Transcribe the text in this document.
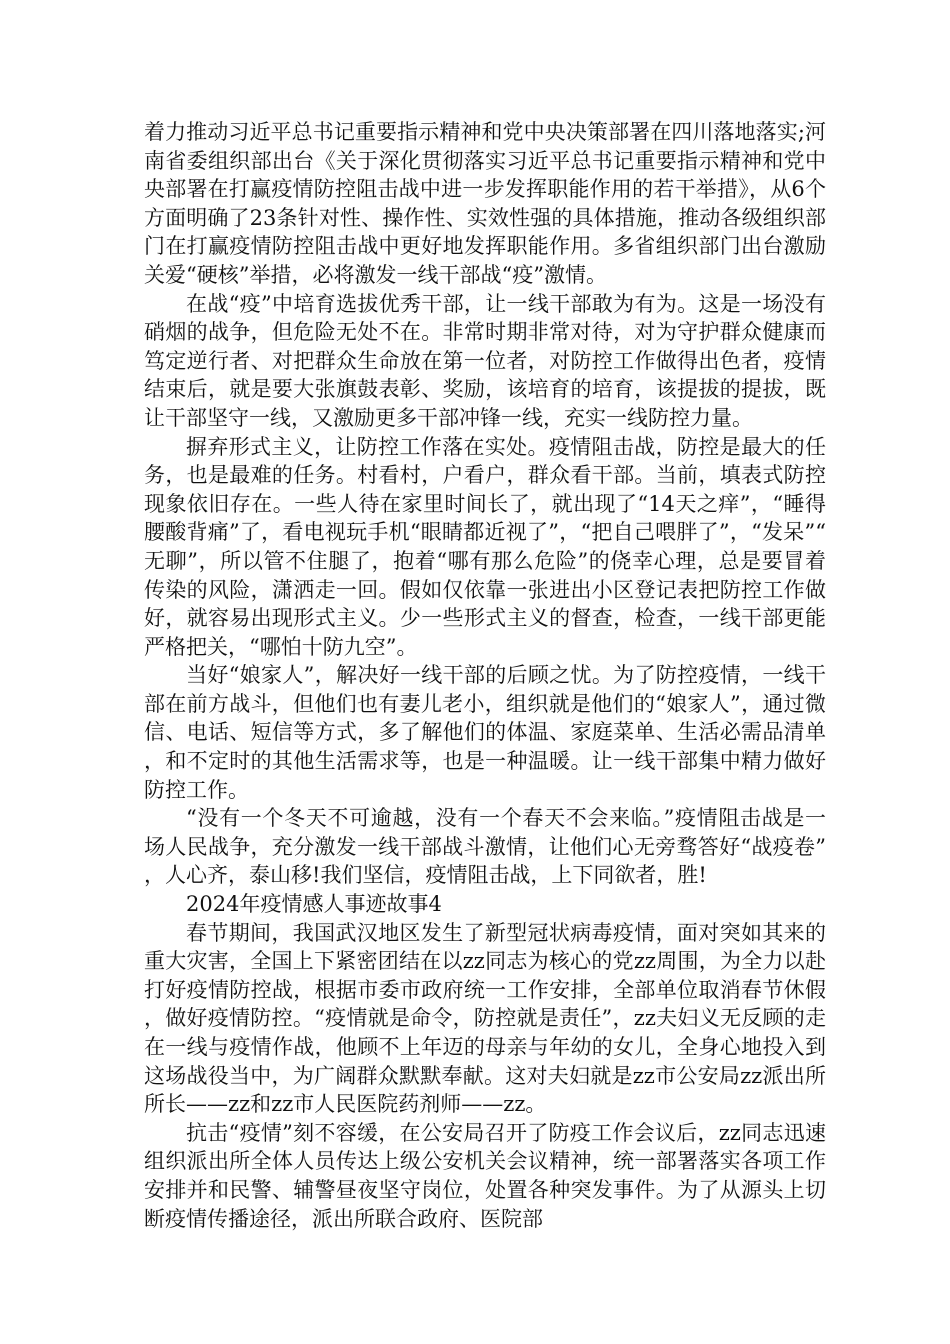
着力推动习近平总书记重要指示精神和党中央决策部署在四川落地落实;河南省委组织部出台《关于深化贯彻落实习近平总书记重要指示精神和党中央部署在打赢疫情防控阻击战中进一步发挥职能作用的若干举措》，从6个方面明确了23条针对性、操作性、实效性强的具体措施，推动各级组织部门在打赢疫情防控阻击战中更好地发挥职能作用。多省组织部门出台激励关爱“硬核”举措，必将激发一线干部战“疫”激情。

在战“疫”中培育选拔优秀干部，让一线干部敢为有为。这是一场没有硝烟的战争，但危险无处不在。非常时期非常对待，对为守护群众健康而笃定逆行者、对把群众生命放在第一位者，对防控工作做得出色者，疫情结束后，就是要大张旗鼓表彰、奖励，该培育的培育，该提拔的提拔，既让干部坚守一线，又激励更多干部冲锋一线，充实一线防控力量。

摒弃形式主义，让防控工作落在实处。疫情阻击战，防控是最大的任务，也是最难的任务。村看村，户看户，群众看干部。当前，填表式防控现象依旧存在。一些人待在家里时间长了，就出现了“14天之痒”，“睡得腰酸背痛”了，看电视玩手机“眼睛都近视了”，“把自己喂胖了”，“发呆”“无聊”，所以管不住腿了，抱着“哪有那么危险”的侥幸心理，总是要冒着传染的风险，潇洒走一回。假如仅依靠一张进出小区登记表把防控工作做好，就容易出现形式主义。少一些形式主义的督查，检查，一线干部更能严格把关，“哪怕十防九空”。

当好“娘家人”，解决好一线干部的后顾之忧。为了防控疫情，一线干部在前方战斗，但他们也有妻儿老小，组织就是他们的“娘家人”，通过微信、电话、短信等方式，多了解他们的体温、家庭菜单、生活必需品清单，和不定时的其他生活需求等，也是一种温暖。让一线干部集中精力做好防控工作。

“没有一个冬天不可逾越，没有一个春天不会来临。”疫情阻击战是一场人民战争，充分激发一线干部战斗激情，让他们心无旁骛答好“战疫卷”，人心齐，泰山移!我们坚信，疫情阻击战，上下同欲者，胜!

2024年疫情感人事迹故事4

春节期间，我国武汉地区发生了新型冠状病毒疫情，面对突如其来的重大灾害，全国上下紧密团结在以zz同志为核心的党zz周围，为全力以赴打好疫情防控战，根据市委市政府统一工作安排，全部单位取消春节休假，做好疫情防控。“疫情就是命令，防控就是责任”，zz夫妇义无反顾的走在一线与疫情作战，他顾不上年迈的母亲与年幼的女儿，全身心地投入到这场战役当中，为广阔群众默默奉献。这对夫妇就是zz市公安局zz派出所所长——zz和zz市人民医院药剂师——zz。

抗击“疫情”刻不容缓，在公安局召开了防疫工作会议后，zz同志迅速组织派出所全体人员传达上级公安机关会议精神，统一部署落实各项工作安排并和民警、辅警昼夜坚守岗位，处置各种突发事件。为了从源头上切断疫情传播途径，派出所联合政府、医院部
